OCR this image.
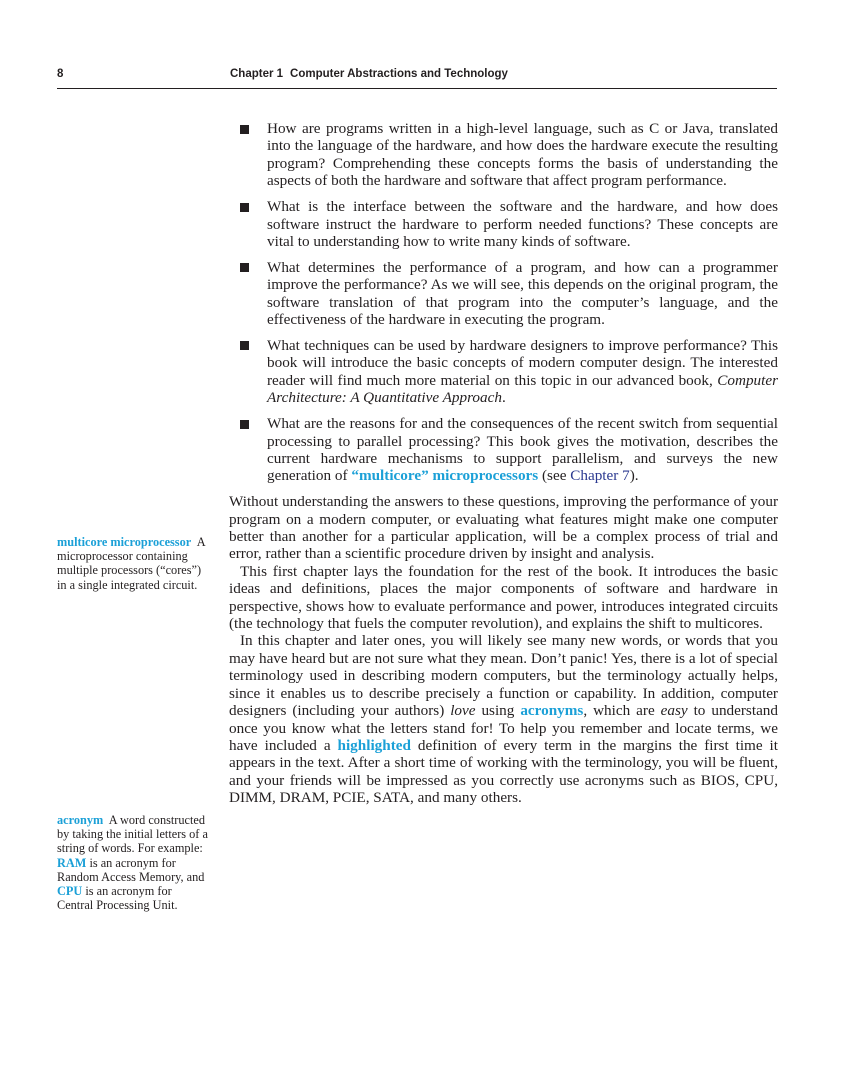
8	Chapter 1 Computer Abstractions and Technology
How are programs written in a high-level language, such as C or Java, translated into the language of the hardware, and how does the hardware execute the resulting program? Comprehending these concepts forms the basis of understanding the aspects of both the hardware and software that affect program performance.
What is the interface between the software and the hardware, and how does software instruct the hardware to perform needed functions? These concepts are vital to understanding how to write many kinds of software.
What determines the performance of a program, and how can a programmer improve the performance? As we will see, this depends on the original program, the software translation of that program into the computer’s language, and the effectiveness of the hardware in executing the program.
What techniques can be used by hardware designers to improve performance? This book will introduce the basic concepts of modern computer design. The interested reader will find much more material on this topic in our advanced book, Computer Architecture: A Quantitative Approach.
What are the reasons for and the consequences of the recent switch from sequential processing to parallel processing? This book gives the motivation, describes the current hardware mechanisms to support parallelism, and surveys the new generation of “multicore” microprocessors (see Chapter 7).

Without understanding the answers to these questions, improving the performance of your program on a modern computer, or evaluating what features might make one computer better than another for a particular application, will be a complex process of trial and error, rather than a scientific procedure driven by insight and analysis.

This first chapter lays the foundation for the rest of the book. It introduces the basic ideas and definitions, places the major components of software and hardware in perspective, shows how to evaluate performance and power, introduces integrated circuits (the technology that fuels the computer revolution), and explains the shift to multicores.

In this chapter and later ones, you will likely see many new words, or words that you may have heard but are not sure what they mean. Don’t panic! Yes, there is a lot of special terminology used in describing modern computers, but the terminology actually helps, since it enables us to describe precisely a function or capability. In addition, computer designers (including your authors) love using acronyms, which are easy to understand once you know what the letters stand for! To help you remember and locate terms, we have included a highlighted definition of every term in the margins the first time it appears in the text. After a short time of working with the terminology, you will be fluent, and your friends will be impressed as you correctly use acronyms such as BIOS, CPU, DIMM, DRAM, PCIE, SATA, and many others.

multicore microprocessor A microprocessor containing multiple processors (“cores”) in a single integrated circuit.
acronym A word constructed by taking the initial letters of a string of words. For example: RAM is an acronym for Random Access Memory, and CPU is an acronym for Central Processing Unit.
